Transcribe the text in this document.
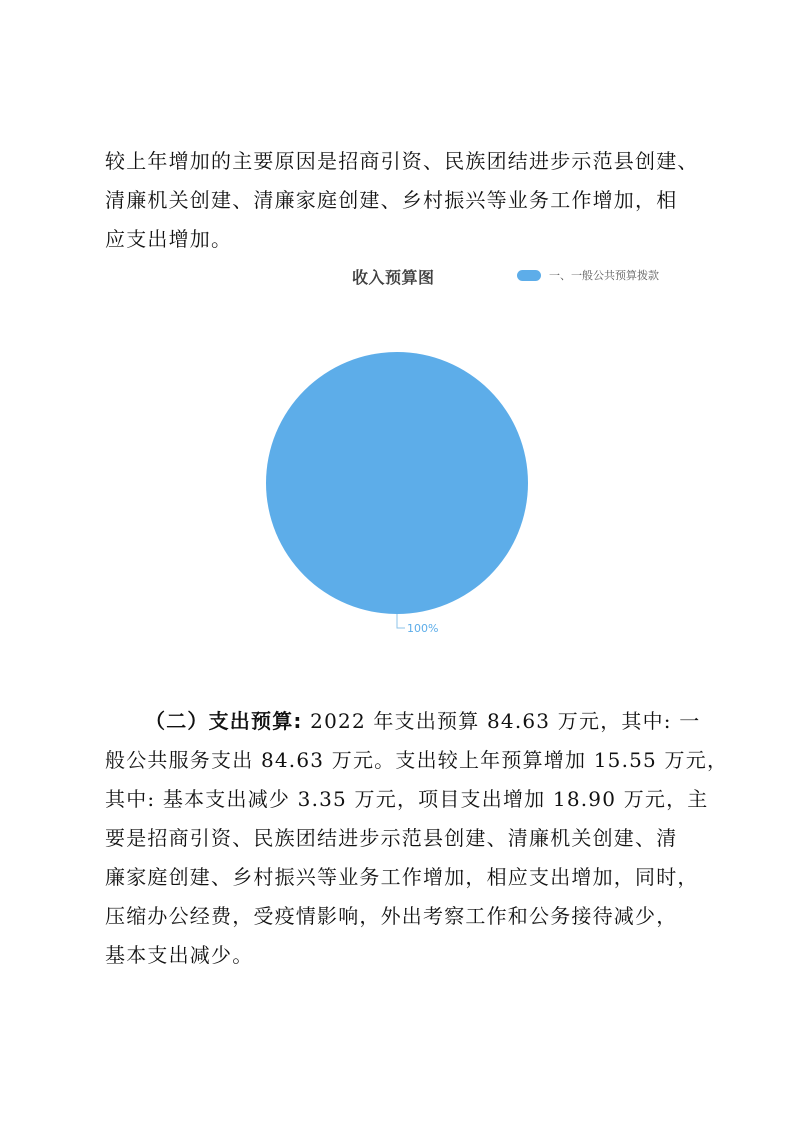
较上年增加的主要原因是招商引资、民族团结进步示范县创建、
清廉机关创建、清廉家庭创建、乡村振兴等业务工作增加，相
应支出增加。
收入预算图	一、一般公共预算拨款
100%
（二）支出预算: 2022 年支出预算 84.63 万元，其中: 一
般公共服务支出 84.63 万元。支出较上年预算增加 15.55 万元，
其中: 基本支出减少 3.35 万元，项目支出增加 18.90 万元，主
要是招商引资、民族团结进步示范县创建、清廉机关创建、清
廉家庭创建、乡村振兴等业务工作增加，相应支出增加，同时，
压缩办公经费，受疫情影响，外出考察工作和公务接待减少，
基本支出减少。
